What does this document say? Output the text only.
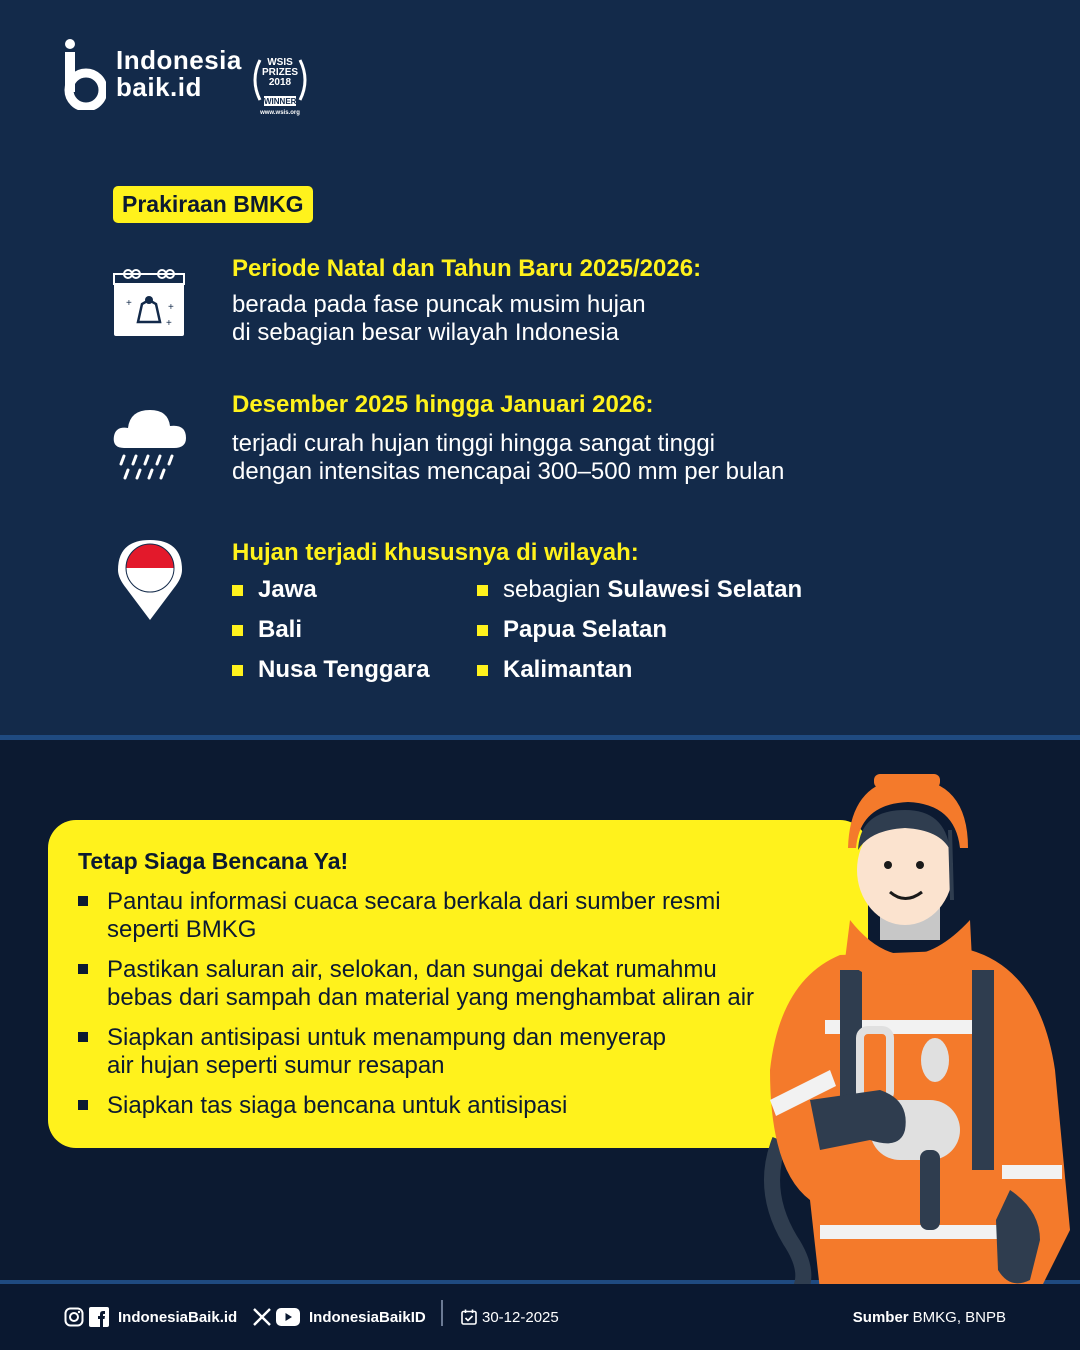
Indonesia
baik.id
WSIS
PRIZES
2018
WINNER
www.wsis.org
Prakiraan BMKG
+	+
+
Periode Natal dan Tahun Baru 2025/2026:
berada pada fase puncak musim hujan
di sebagian besar wilayah Indonesia
Desember 2025 hingga Januari 2026:
terjadi curah hujan tinggi hingga sangat tinggi
dengan intensitas mencapai 300–500 mm per bulan
Hujan terjadi khususnya di wilayah:
Jawa	sebagian Sulawesi Selatan
Bali	Papua Selatan
Nusa Tenggara	Kalimantan
Tetap Siaga Bencana Ya!
Pantau informasi cuaca secara berkala dari sumber resmi
seperti BMKG
Pastikan saluran air, selokan, dan sungai dekat rumahmu
bebas dari sampah dan material yang menghambat aliran air
Siapkan antisipasi untuk menampung dan menyerap
air hujan seperti sumur resapan
Siapkan tas siaga bencana untuk antisipasi
IndonesiaBaik.id	IndonesiaBaikID	30-12-2025	Sumber BMKG, BNPB
